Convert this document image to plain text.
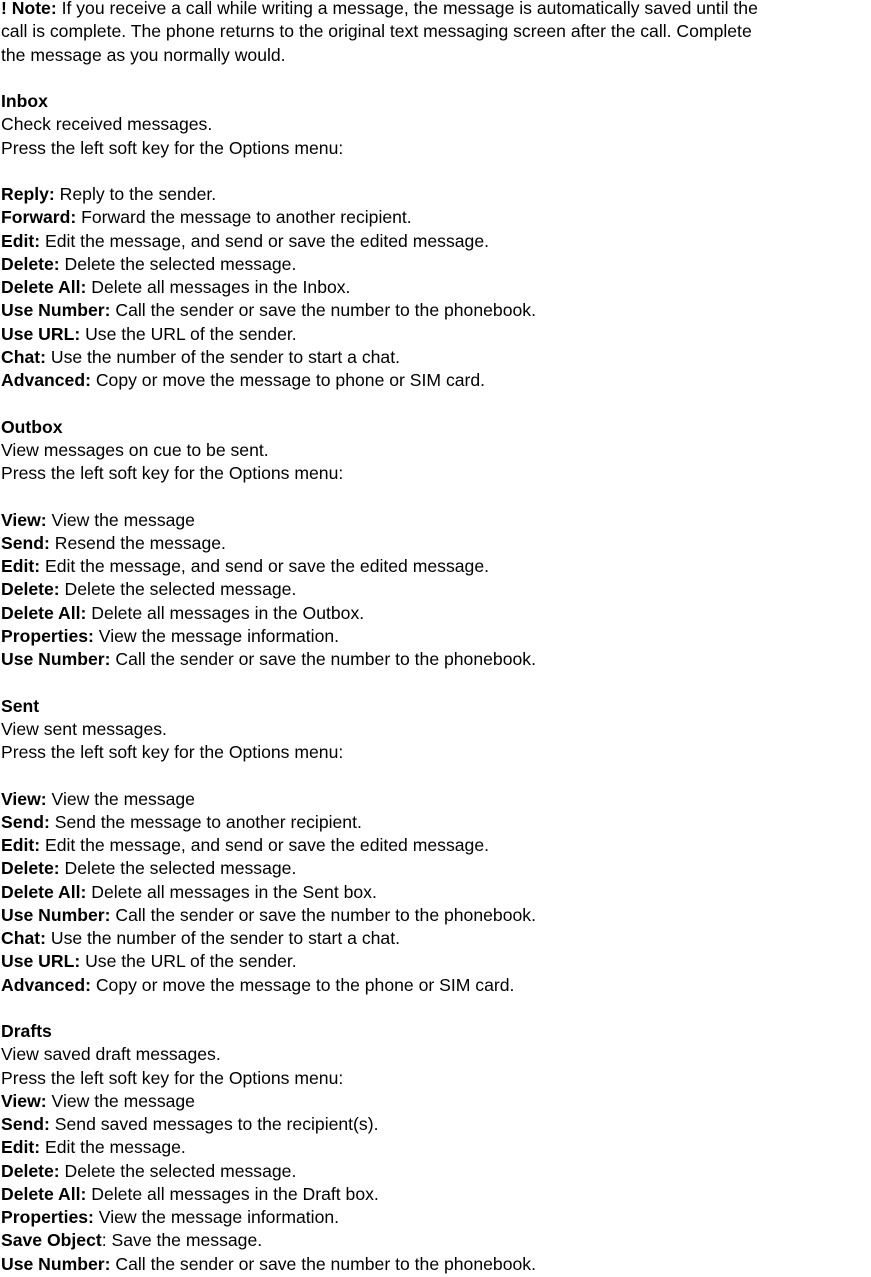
! Note: If you receive a call while writing a message, the message is automatically saved until the

call is complete. The phone returns to the original text messaging screen after the call. Complete

the message as you normally would.

Inbox

Check received messages.

Press the left soft key for the Options menu:

Reply: Reply to the sender.

Forward: Forward the message to another recipient.

Edit: Edit the message, and send or save the edited message.

Delete: Delete the selected message.

Delete All: Delete all messages in the Inbox.

Use Number: Call the sender or save the number to the phonebook.

Use URL: Use the URL of the sender.

Chat: Use the number of the sender to start a chat.

Advanced: Copy or move the message to phone or SIM card.

Outbox

View messages on cue to be sent.

Press the left soft key for the Options menu:

View: View the message

Send: Resend the message.

Edit: Edit the message, and send or save the edited message.

Delete: Delete the selected message.

Delete All: Delete all messages in the Outbox.

Properties: View the message information.

Use Number: Call the sender or save the number to the phonebook.

Sent

View sent messages.

Press the left soft key for the Options menu:

View: View the message

Send: Send the message to another recipient.

Edit: Edit the message, and send or save the edited message.

Delete: Delete the selected message.

Delete All: Delete all messages in the Sent box.

Use Number: Call the sender or save the number to the phonebook.

Chat: Use the number of the sender to start a chat.

Use URL: Use the URL of the sender.

Advanced: Copy or move the message to the phone or SIM card.

Drafts

View saved draft messages.

Press the left soft key for the Options menu:

View: View the message

Send: Send saved messages to the recipient(s).

Edit: Edit the message.

Delete: Delete the selected message.

Delete All: Delete all messages in the Draft box.

Properties: View the message information.

Save Object: Save the message.

Use Number: Call the sender or save the number to the phonebook.
